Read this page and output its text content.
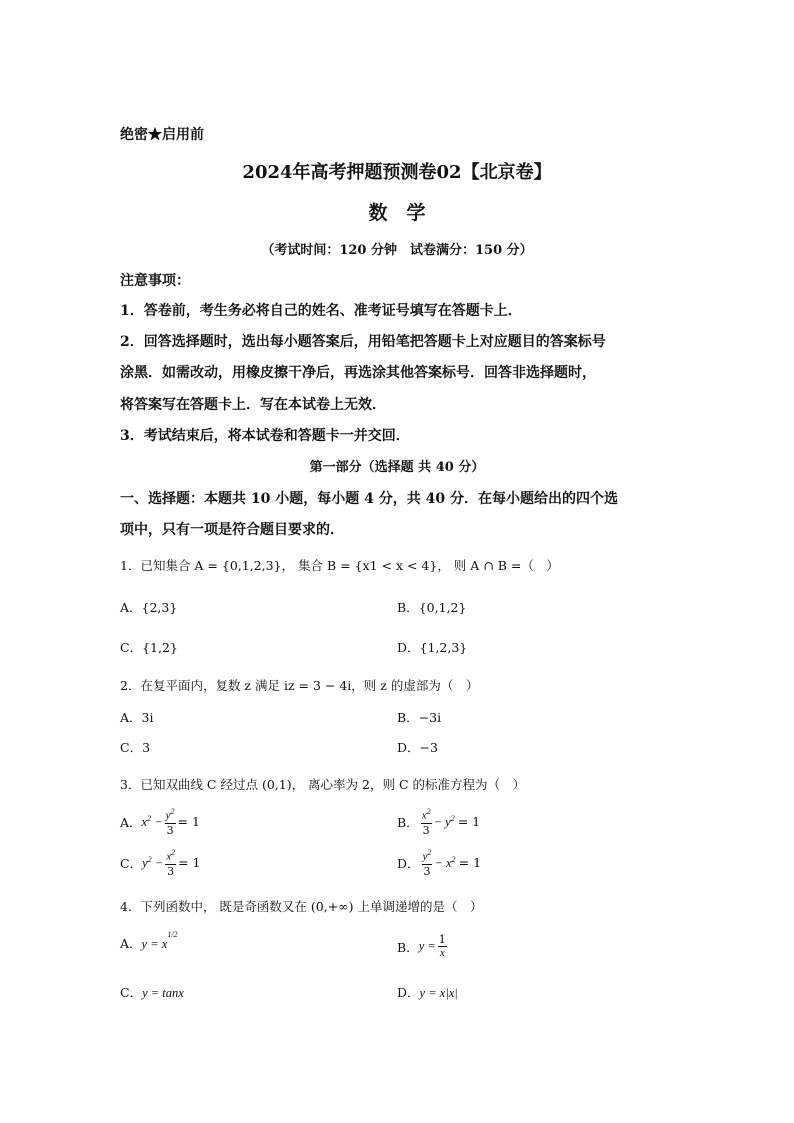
绝密★启用前
2024年高考押题预测卷02【北京卷】
数　学
（考试时间：120 分钟　试卷满分：150 分）
注意事项：
1．答卷前，考生务必将自己的姓名、准考证号填写在答题卡上．
2．回答选择题时，选出每小题答案后，用铅笔把答题卡上对应题目的答案标号
涂黑．如需改动，用橡皮擦干净后，再选涂其他答案标号．回答非选择题时，
将答案写在答题卡上．写在本试卷上无效．
3．考试结束后，将本试卷和答题卡一并交回．
第一部分（选择题 共 40 分）
一、选择题：本题共 10 小题，每小题 4 分，共 40 分．在每小题给出的四个选
项中，只有一项是符合题目要求的．
1．已知集合 A = {0,1,2,3}， 集合 B = {x1 < x < 4}， 则 A ∩ B =（　）
A．{2,3}	B．{0,1,2}
C．{1,2}	D．{1,2,3}
2．在复平面内，复数 z 满足 iz = 3 − 4i，则 z 的虚部为（　）
A．3i	B．−3i
C．3	D．−3
3．已知双曲线 C 经过点 (0,1)， 离心率为 2，则 C 的标准方程为（　）
A． $x^2 - \frac{y^2}{3} = 1$	B． $\frac{x^2}{3} - y^2 = 1$
C． $y^2 - \frac{x^2}{3} = 1$	D． $\frac{y^2}{3} - x^2 = 1$
4．下列函数中， 既是奇函数又在 (0,+∞) 上单调递增的是（　）
A． $y = x^{1/2}$
B． $y = \frac{1}{x}$
C．y = tanx	D．y = x|x|
